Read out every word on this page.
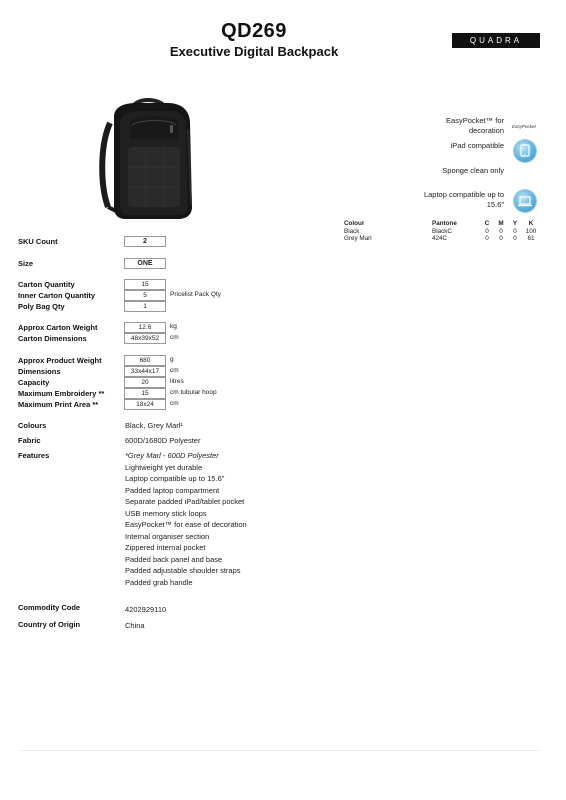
QD269
Executive Digital Backpack
QUADRA
EasyPocket™ for
decoration EasyPocket
iPad compatible
Sponge clean only
Laptop compatible up to
15.6"
Colour	Pantone	C	M	Y	K
Black	BlackC	0	0	0	100
Grey Marl	424C	0	0	0	61
SKU Count	2
Size	ONE
Carton Quantity	15
Inner Carton Quantity	5	Pricelist Pack Qty
Poly Bag Qty	1
Approx Carton Weight	12.6	kg
Carton Dimensions	48x39x52	cm
Approx Product Weight	680	g
Dimensions	33x44x17	cm
Capacity	20	litres
Maximum Embroidery **	15	cm tubular hoop
Maximum Print Area **	18x24	cm
Colours	Black, Grey Marl¹
Fabric	600D/1680D Polyester
Features	*Grey Marl - 600D Polyester
Lightweight yet durable
Laptop compatible up to 15.6"
Padded laptop compartment
Separate padded iPad/tablet pocket
USB memory stick loops
EasyPocket™ for ease of decoration
Internal organiser section
Zippered internal pocket
Padded back panel and base
Padded adjustable shoulder straps
Padded grab handle
Commodity Code	4202929110
Country of Origin	China
